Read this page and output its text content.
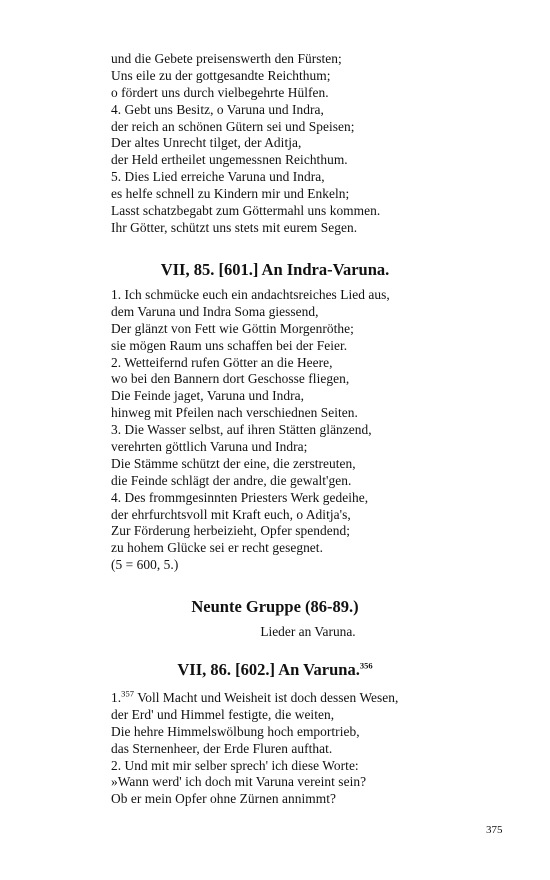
und die Gebete preisenswerth den Fürsten;
Uns eile zu der gottgesandte Reichthum;
o fördert uns durch vielbegehrte Hülfen.
4. Gebt uns Besitz, o Varuna und Indra,
der reich an schönen Gütern sei und Speisen;
Der altes Unrecht tilget, der Aditja,
der Held ertheilet ungemessnen Reichthum.
5. Dies Lied erreiche Varuna und Indra,
es helfe schnell zu Kindern mir und Enkeln;
Lasst schatzbegabt zum Göttermahl uns kommen.
Ihr Götter, schützt uns stets mit eurem Segen.
VII, 85. [601.] An Indra-Varuna.
1. Ich schmücke euch ein andachtsreiches Lied aus,
dem Varuna und Indra Soma giessend,
Der glänzt von Fett wie Göttin Morgenröthe;
sie mögen Raum uns schaffen bei der Feier.
2. Wetteifernd rufen Götter an die Heere,
wo bei den Bannern dort Geschosse fliegen,
Die Feinde jaget, Varuna und Indra,
hinweg mit Pfeilen nach verschiednen Seiten.
3. Die Wasser selbst, auf ihren Stätten glänzend,
verehrten göttlich Varuna und Indra;
Die Stämme schützt der eine, die zerstreuten,
die Feinde schlägt der andre, die gewalt'gen.
4. Des frommgesinnten Priesters Werk gedeihe,
der ehrfurchtsvoll mit Kraft euch, o Aditja's,
Zur Förderung herbeizieht, Opfer spendend;
zu hohem Glücke sei er recht gesegnet.
(5 = 600, 5.)
Neunte Gruppe (86-89.)
Lieder an Varuna.
VII, 86. [602.] An Varuna.$^{356}$
1.$^{357}$ Voll Macht und Weisheit ist doch dessen Wesen,
der Erd' und Himmel festigte, die weiten,
Die hehre Himmelswölbung hoch emportrieb,
das Sternenheer, der Erde Fluren aufthat.
2. Und mit mir selber sprech' ich diese Worte:
»Wann werd' ich doch mit Varuna vereint sein?
Ob er mein Opfer ohne Zürnen annimmt?
375
